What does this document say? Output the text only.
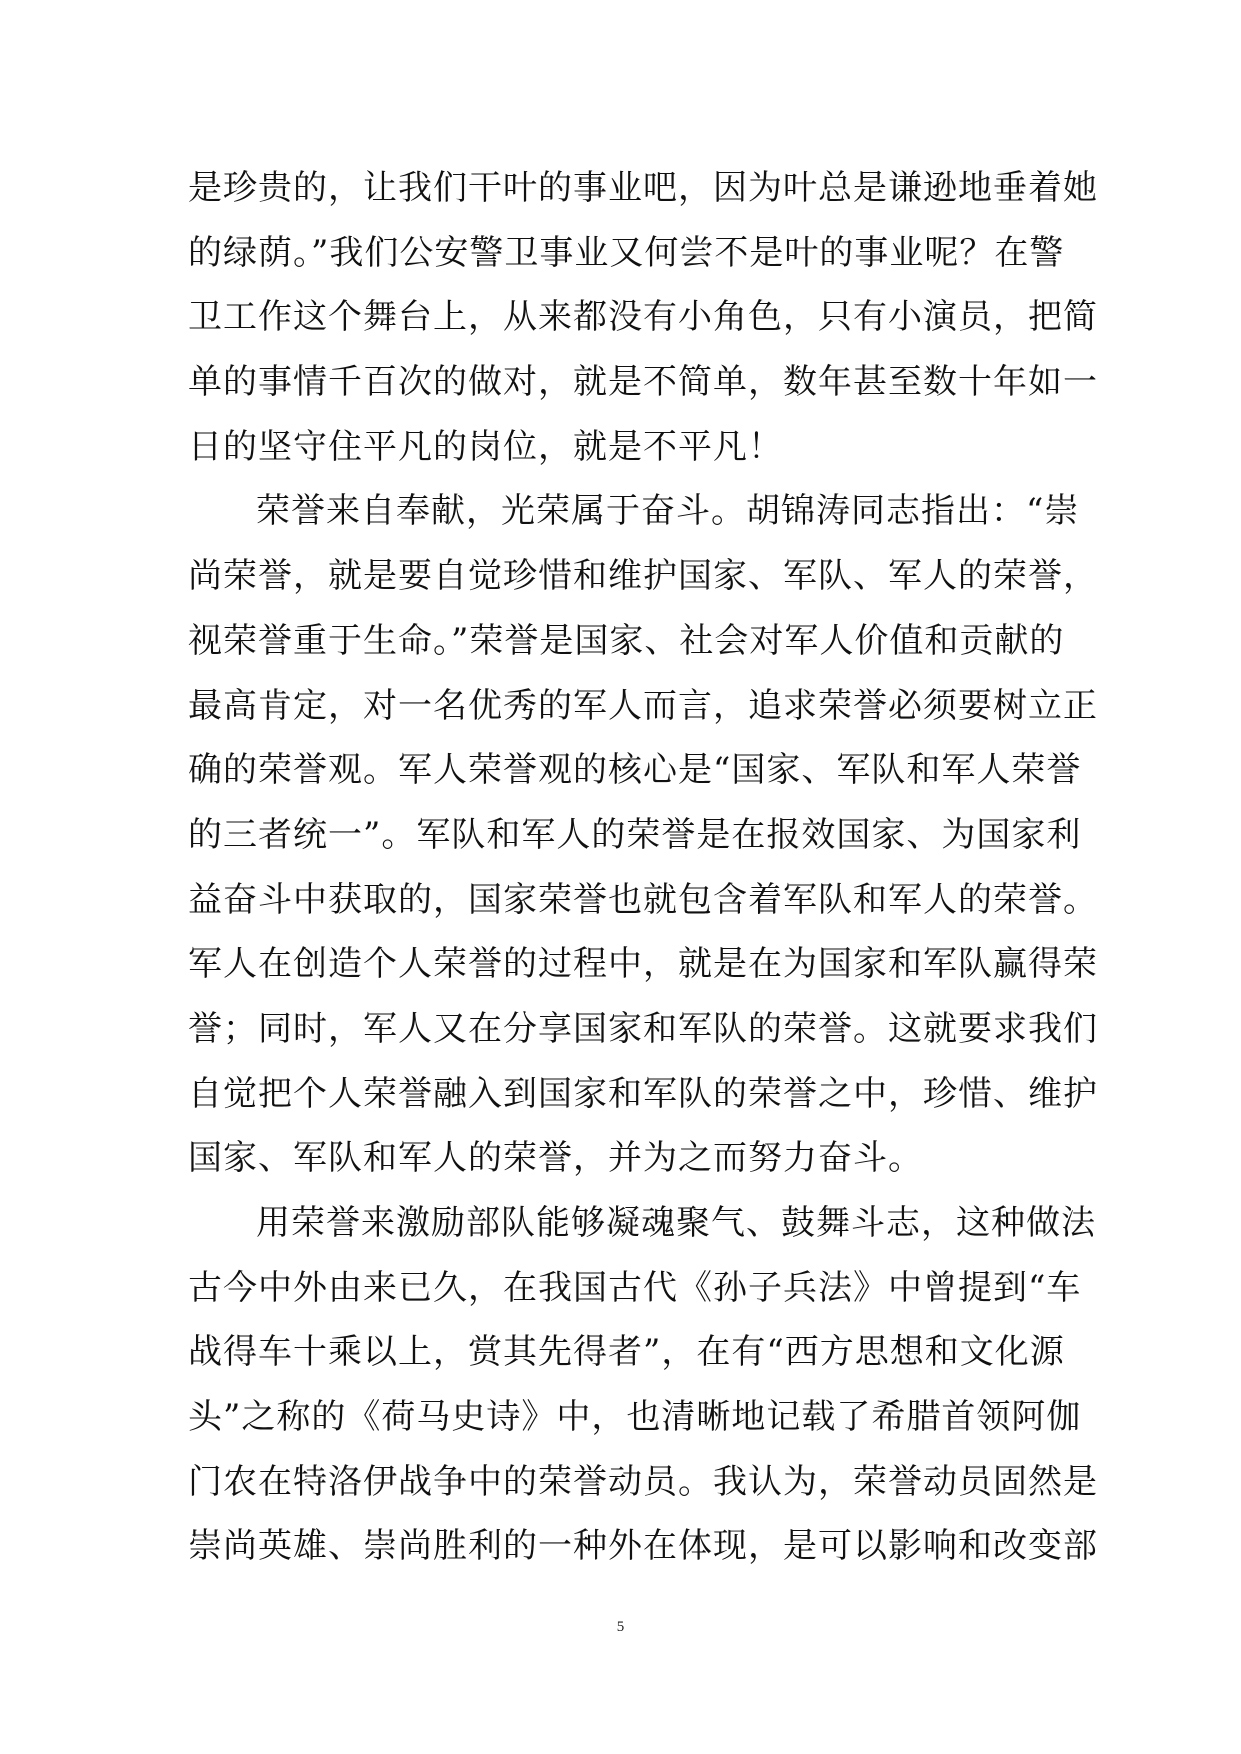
是珍贵的，让我们干叶的事业吧，因为叶总是谦逊地垂着她
的绿荫。”我们公安警卫事业又何尝不是叶的事业呢？在警
卫工作这个舞台上，从来都没有小角色，只有小演员，把简
单的事情千百次的做对，就是不简单，数年甚至数十年如一
日的坚守住平凡的岗位，就是不平凡！
荣誉来自奉献，光荣属于奋斗。胡锦涛同志指出：“崇
尚荣誉，就是要自觉珍惜和维护国家、军队、军人的荣誉，
视荣誉重于生命。”荣誉是国家、社会对军人价值和贡献的
最高肯定，对一名优秀的军人而言，追求荣誉必须要树立正
确的荣誉观。军人荣誉观的核心是“国家、军队和军人荣誉
的三者统一”。军队和军人的荣誉是在报效国家、为国家利
益奋斗中获取的，国家荣誉也就包含着军队和军人的荣誉。
军人在创造个人荣誉的过程中，就是在为国家和军队赢得荣
誉；同时，军人又在分享国家和军队的荣誉。这就要求我们
自觉把个人荣誉融入到国家和军队的荣誉之中，珍惜、维护
国家、军队和军人的荣誉，并为之而努力奋斗。
用荣誉来激励部队能够凝魂聚气、鼓舞斗志，这种做法
古今中外由来已久，在我国古代《孙子兵法》中曾提到“车
战得车十乘以上，赏其先得者”，在有“西方思想和文化源
头”之称的《荷马史诗》中，也清晰地记载了希腊首领阿伽
门农在特洛伊战争中的荣誉动员。我认为，荣誉动员固然是
崇尚英雄、崇尚胜利的一种外在体现，是可以影响和改变部
5
